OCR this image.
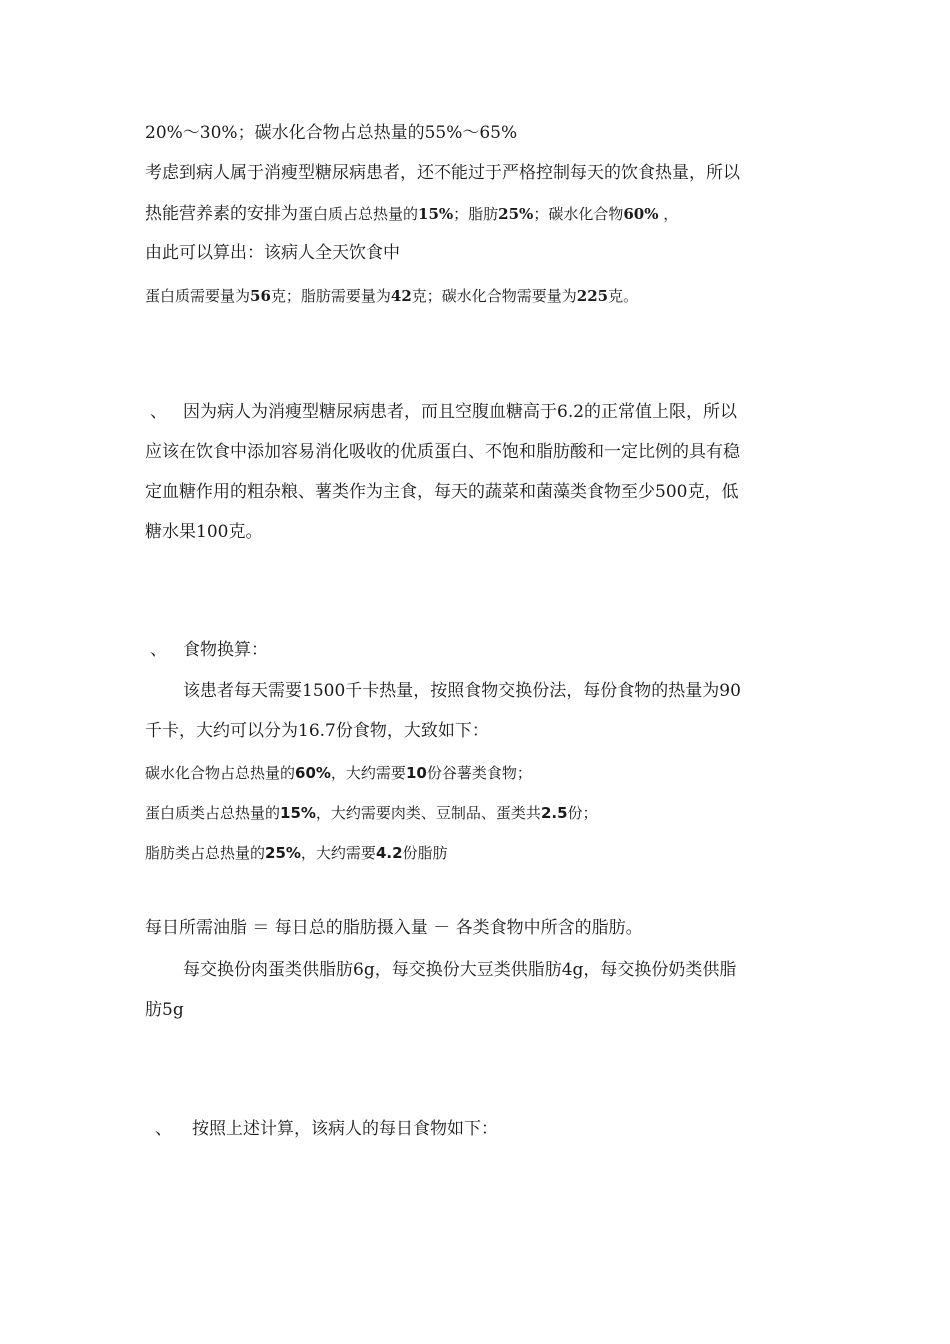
20%～30%；碳水化合物占总热量的55%～65%
考虑到病人属于消瘦型糖尿病患者，还不能过于严格控制每天的饮食热量，所以
热能营养素的安排为蛋白质占总热量的15%；脂肪25%；碳水化合物60% ，
由此可以算出：该病人全天饮食中
蛋白质需要量为56克；脂肪需要量为42克；碳水化合物需要量为225克。
、 因为病人为消瘦型糖尿病患者，而且空腹血糖高于6.2的正常值上限，所以
应该在饮食中添加容易消化吸收的优质蛋白、不饱和脂肪酸和一定比例的具有稳
定血糖作用的粗杂粮、薯类作为主食，每天的蔬菜和菌藻类食物至少500克，低
糖水果100克。
、 食物换算：
该患者每天需要1500千卡热量，按照食物交换份法，每份食物的热量为90
千卡，大约可以分为16.7份食物，大致如下：
碳水化合物占总热量的60%，大约需要10份谷薯类食物；
蛋白质类占总热量的15%，大约需要肉类、豆制品、蛋类共2.5份；
脂肪类占总热量的25%，大约需要4.2份脂肪
每日所需油脂 ＝ 每日总的脂肪摄入量 － 各类食物中所含的脂肪。
每交换份肉蛋类供脂肪6g，每交换份大豆类供脂肪4g，每交换份奶类供脂
肪5g
、 按照上述计算，该病人的每日食物如下：
